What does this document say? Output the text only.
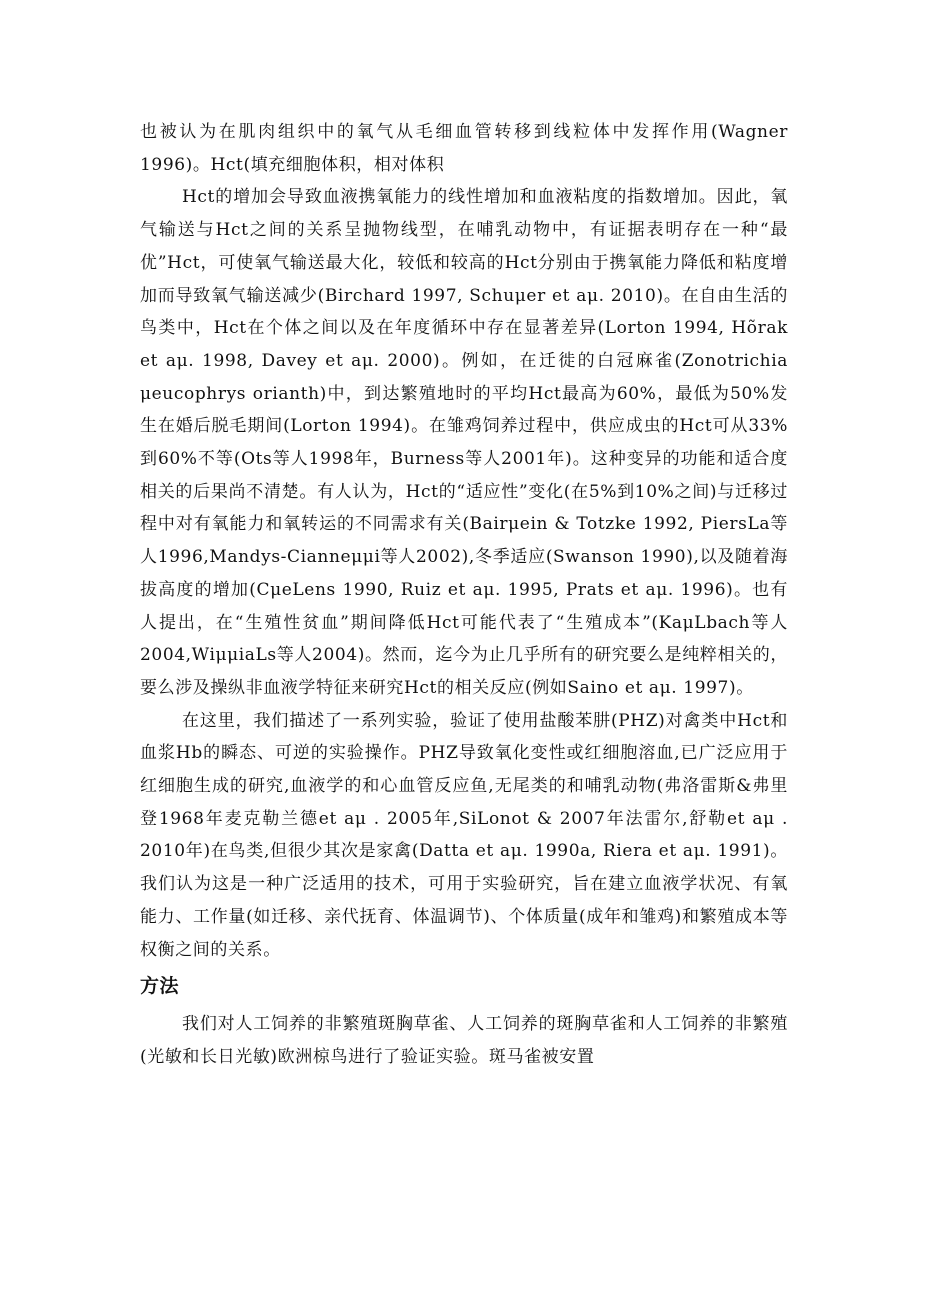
也被认为在肌肉组织中的氧气从毛细血管转移到线粒体中发挥作用(Wagner 1996)。Hct(填充细胞体积，相对体积

Hct的增加会导致血液携氧能力的线性增加和血液粘度的指数增加。因此，氧气输送与Hct之间的关系呈抛物线型，在哺乳动物中，有证据表明存在一种“最优”Hct，可使氧气输送最大化，较低和较高的Hct分别由于携氧能力降低和粘度增加而导致氧气输送减少(Birchard 1997, Schuμer et aμ. 2010)。在自由生活的鸟类中，Hct在个体之间以及在年度循环中存在显著差异(Lorton 1994, Hõrak et aμ. 1998, Davey et aμ. 2000)。例如，在迁徙的白冠麻雀(Zonotrichia μeucophrys orianth)中，到达繁殖地时的平均Hct最高为60%，最低为50%发生在婚后脱毛期间(Lorton 1994)。在雏鸡饲养过程中，供应成虫的Hct可从33%到60%不等(Ots等人1998年，Burness等人2001年)。这种变异的功能和适合度相关的后果尚不清楚。有人认为，Hct的“适应性”变化(在5%到10%之间)与迁移过程中对有氧能力和氧转运的不同需求有关(Bairμein & Totzke 1992, PiersLa等人1996,Mandys-Cianneμμi等人2002),冬季适应(Swanson 1990),以及随着海拔高度的增加(CμeLens 1990, Ruiz et aμ. 1995, Prats et aμ. 1996)。也有人提出，在“生殖性贫血”期间降低Hct可能代表了“生殖成本”(KaμLbach等人2004,WiμμiaLs等人2004)。然而，迄今为止几乎所有的研究要么是纯粹相关的，要么涉及操纵非血液学特征来研究Hct的相关反应(例如Saino et aμ. 1997)。

在这里，我们描述了一系列实验，验证了使用盐酸苯肼(PHZ)对禽类中Hct和血浆Hb的瞬态、可逆的实验操作。PHZ导致氧化变性或红细胞溶血,已广泛应用于红细胞生成的研究,血液学的和心血管反应鱼,无尾类的和哺乳动物(弗洛雷斯&弗里登1968年麦克勒兰德et aμ . 2005年,SiLonot & 2007年法雷尔,舒勒et aμ . 2010年)在鸟类,但很少其次是家禽(Datta et aμ. 1990a, Riera et aμ. 1991)。我们认为这是一种广泛适用的技术，可用于实验研究，旨在建立血液学状况、有氧能力、工作量(如迁移、亲代抚育、体温调节)、个体质量(成年和雏鸡)和繁殖成本等权衡之间的关系。

方法

我们对人工饲养的非繁殖斑胸草雀、人工饲养的斑胸草雀和人工饲养的非繁殖(光敏和长日光敏)欧洲椋鸟进行了验证实验。斑马雀被安置
